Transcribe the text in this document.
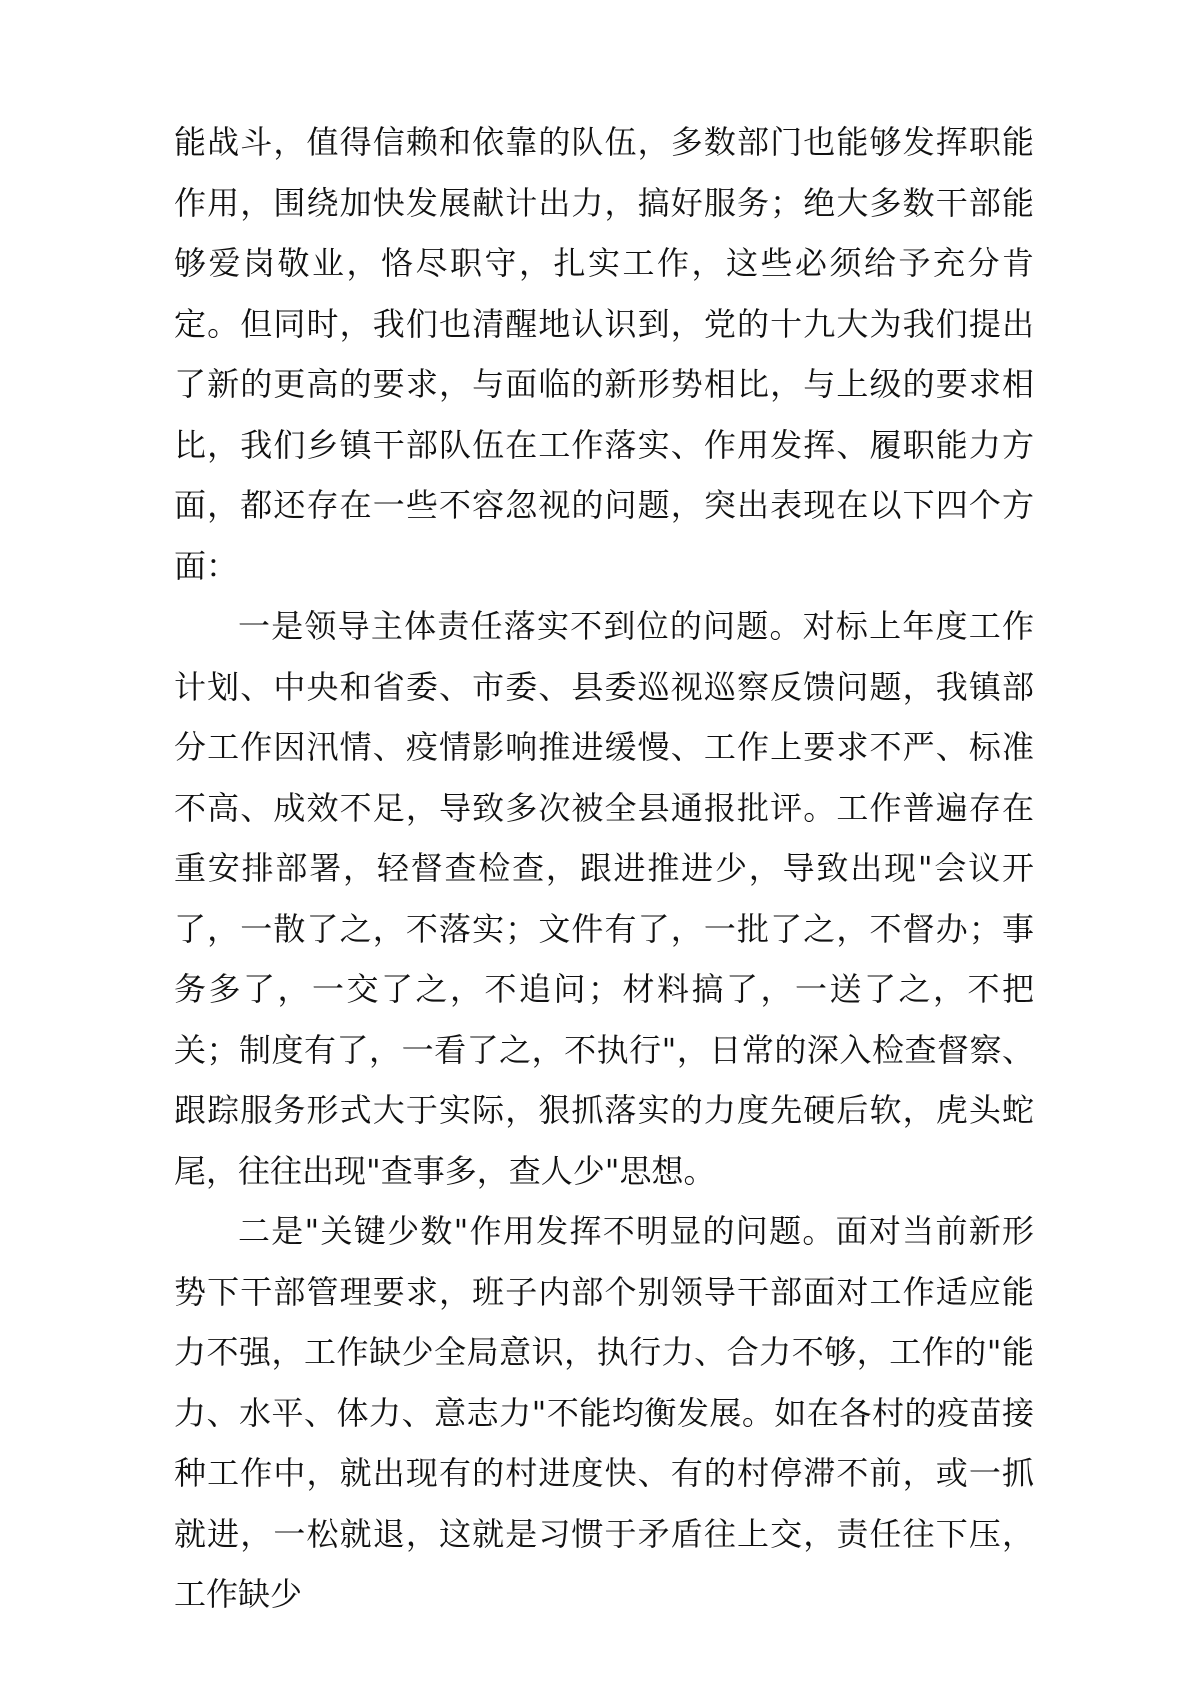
能战斗，值得信赖和依靠的队伍，多数部门也能够发挥职能作用，围绕加快发展献计出力，搞好服务；绝大多数干部能够爱岗敬业，恪尽职守，扎实工作，这些必须给予充分肯定。但同时，我们也清醒地认识到，党的十九大为我们提出了新的更高的要求，与面临的新形势相比，与上级的要求相比，我们乡镇干部队伍在工作落实、作用发挥、履职能力方面，都还存在一些不容忽视的问题，突出表现在以下四个方面：

一是领导主体责任落实不到位的问题。对标上年度工作计划、中央和省委、市委、县委巡视巡察反馈问题，我镇部分工作因汛情、疫情影响推进缓慢、工作上要求不严、标准不高、成效不足，导致多次被全县通报批评。工作普遍存在重安排部署，轻督查检查，跟进推进少，导致出现"会议开了，一散了之，不落实；文件有了，一批了之，不督办；事务多了，一交了之，不追问；材料搞了，一送了之，不把关；制度有了，一看了之，不执行"，日常的深入检查督察、跟踪服务形式大于实际，狠抓落实的力度先硬后软，虎头蛇尾，往往出现"查事多，查人少"思想。

二是"关键少数"作用发挥不明显的问题。面对当前新形势下干部管理要求，班子内部个别领导干部面对工作适应能力不强，工作缺少全局意识，执行力、合力不够，工作的"能力、水平、体力、意志力"不能均衡发展。如在各村的疫苗接种工作中，就出现有的村进度快、有的村停滞不前，或一抓就进，一松就退，这就是习惯于矛盾往上交，责任往下压，工作缺少
